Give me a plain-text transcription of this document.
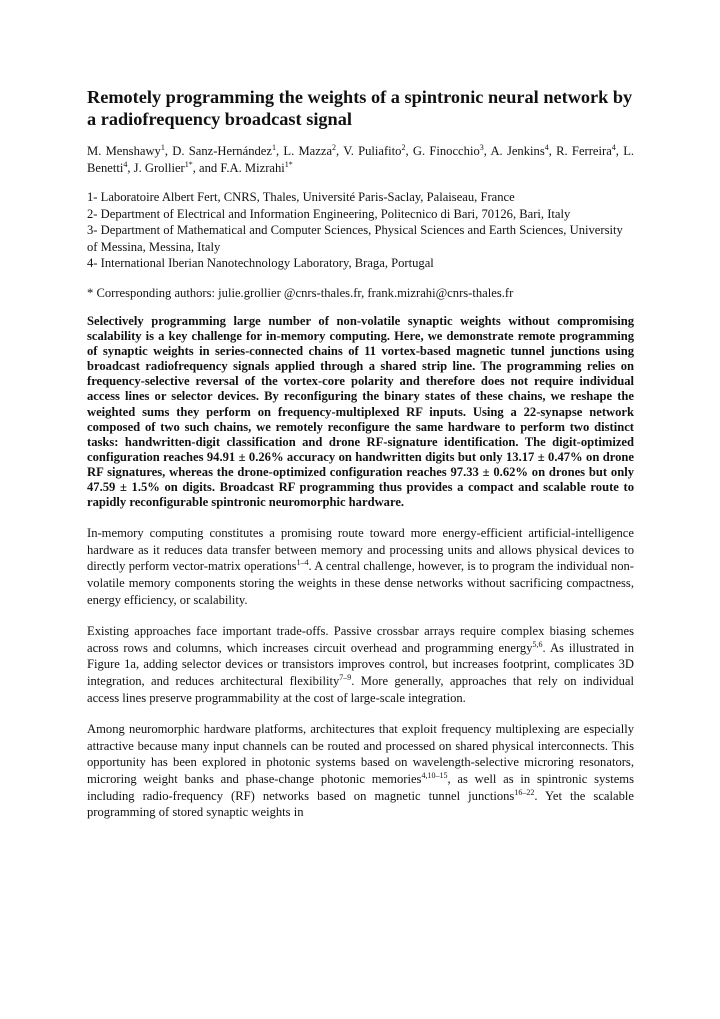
Remotely programming the weights of a spintronic neural network by a radiofrequency broadcast signal
M. Menshawy$^1$, D. Sanz-Hernández$^1$, L. Mazza$^2$, V. Puliafito$^2$, G. Finocchio$^3$, A. Jenkins$^4$, R. Ferreira$^4$, L. Benetti$^4$, J. Grollier$^{1*}$, and F.A. Mizrahi$^{1*}$
1- Laboratoire Albert Fert, CNRS, Thales, Université Paris-Saclay, Palaiseau, France
2- Department of Electrical and Information Engineering, Politecnico di Bari, 70126, Bari, Italy
3- Department of Mathematical and Computer Sciences, Physical Sciences and Earth Sciences, University of Messina, Messina, Italy
4- International Iberian Nanotechnology Laboratory, Braga, Portugal
* Corresponding authors: julie.grollier @cnrs-thales.fr, frank.mizrahi@cnrs-thales.fr
Selectively programming large number of non-volatile synaptic weights without compromising scalability is a key challenge for in-memory computing. Here, we demonstrate remote programming of synaptic weights in series-connected chains of 11 vortex-based magnetic tunnel junctions using broadcast radiofrequency signals applied through a shared strip line. The programming relies on frequency-selective reversal of the vortex-core polarity and therefore does not require individual access lines or selector devices. By reconfiguring the binary states of these chains, we reshape the weighted sums they perform on frequency-multiplexed RF inputs. Using a 22-synapse network composed of two such chains, we remotely reconfigure the same hardware to perform two distinct tasks: handwritten-digit classification and drone RF-signature identification. The digit-optimized configuration reaches 94.91 ± 0.26% accuracy on handwritten digits but only 13.17 ± 0.47% on drone RF signatures, whereas the drone-optimized configuration reaches 97.33 ± 0.62% on drones but only 47.59 ± 1.5% on digits. Broadcast RF programming thus provides a compact and scalable route to rapidly reconfigurable spintronic neuromorphic hardware.
In-memory computing constitutes a promising route toward more energy-efficient artificial-intelligence hardware as it reduces data transfer between memory and processing units and allows physical devices to directly perform vector-matrix operations$^{1-4}$. A central challenge, however, is to program the individual non-volatile memory components storing the weights in these dense networks without sacrificing compactness, energy efficiency, or scalability.
Existing approaches face important trade-offs. Passive crossbar arrays require complex biasing schemes across rows and columns, which increases circuit overhead and programming energy$^{5,6}$. As illustrated in Figure 1a, adding selector devices or transistors improves control, but increases footprint, complicates 3D integration, and reduces architectural flexibility$^{7-9}$. More generally, approaches that rely on individual access lines preserve programmability at the cost of large-scale integration.
Among neuromorphic hardware platforms, architectures that exploit frequency multiplexing are especially attractive because many input channels can be routed and processed on shared physical interconnects. This opportunity has been explored in photonic systems based on wavelength-selective microring resonators, microring weight banks and phase-change photonic memories$^{4,10-15}$, as well as in spintronic systems including radio-frequency (RF) networks based on magnetic tunnel junctions$^{16-22}$. Yet the scalable programming of stored synaptic weights in
